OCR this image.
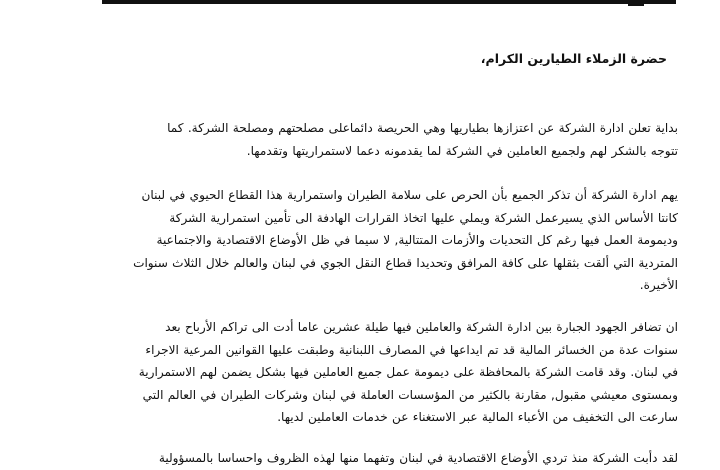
حضرة الزملاء الطيارين الكرام،

بداية تعلن ادارة الشركة عن اعتزازها بطياريها وهي الحريصة دائماعلى مصلحتهم ومصلحة الشركة. كما
تتوجه بالشكر لهم ولجميع العاملين في الشركة لما يقدمونه دعما لاستمراريتها وتقدمها.

يهم ادارة الشركة أن تذكر الجميع بأن الحرص على سلامة الطيران واستمرارية هذا القطاع الحيوي في لبنان
كانتا الأساس الذي يسيرعمل الشركة ويملي عليها اتخاذ القرارات الهادفة الى تأمين استمرارية الشركة
وديمومة العمل فيها رغم كل التحديات والأزمات المتتالية, لا سيما في ظل الأوضاع الاقتصادية والاجتماعية
المتردية التي ألقت بثقلها على كافة المرافق وتحديدا قطاع النقل الجوي في لبنان والعالم خلال الثلاث سنوات
الأخيرة.

ان تضافر الجهود الجبارة بين ادارة الشركة والعاملين فيها طيلة عشرين عاما أدت الى تراكم الأرباح بعد
سنوات عدة من الخسائر المالية قد تم ايداعها في المصارف اللبنانية وطبقت عليها القوانين المرعية الاجراء
في لبنان. وقد قامت الشركة بالمحافظة على ديمومة عمل جميع العاملين فيها بشكل يضمن لهم الاستمرارية
وبمستوى معيشي مقبول, مقارنة بالكثير من المؤسسات العاملة في لبنان وشركات الطيران في العالم التي
سارعت الى التخفيف من الأعباء المالية عبر الاستغناء عن خدمات العاملين لديها.

لقد دأبت الشركة منذ تردي الأوضاع الاقتصادية في لبنان وتفهما منها لهذه الظروف واحساسا بالمسؤولية
